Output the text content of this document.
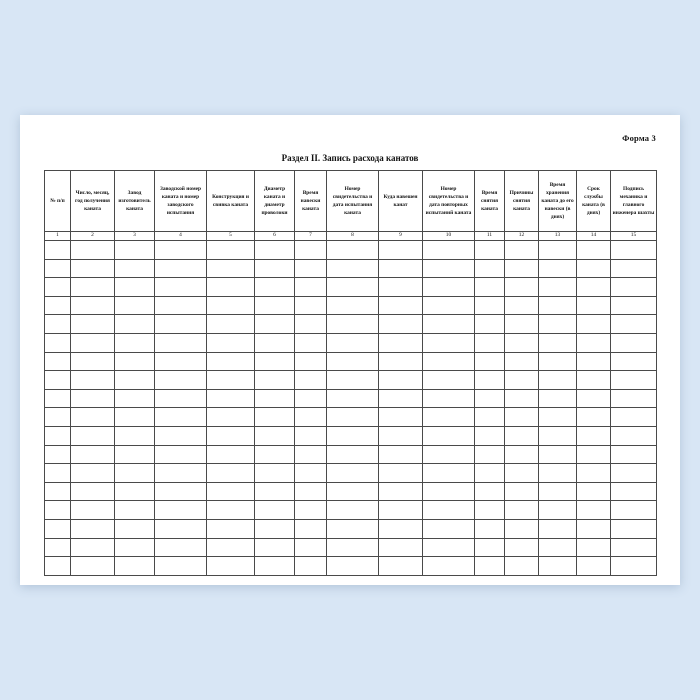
Форма 3
Раздел II. Запись расхода канатов
№ п/п	Число, месяц, год получения каната	Завод изготовитель каната	Заводской номер каната и номер заводского испытания	Конструкция и свивка каната	Диаметр каната и диаметр проволоки	Время навески каната	Номер свидетельства и дата испытания каната	Куда навешен канат	Номер свидетельства и дата повторных испытаний каната	Время снятия каната	Причины снятия каната	Время хранения каната до его навески (в днях)	Срок службы каната (в днях)	Подпись механика и главного инженера шахты

1	2	3	4	5	6	7	8	9	10	11	12	13	14	15
